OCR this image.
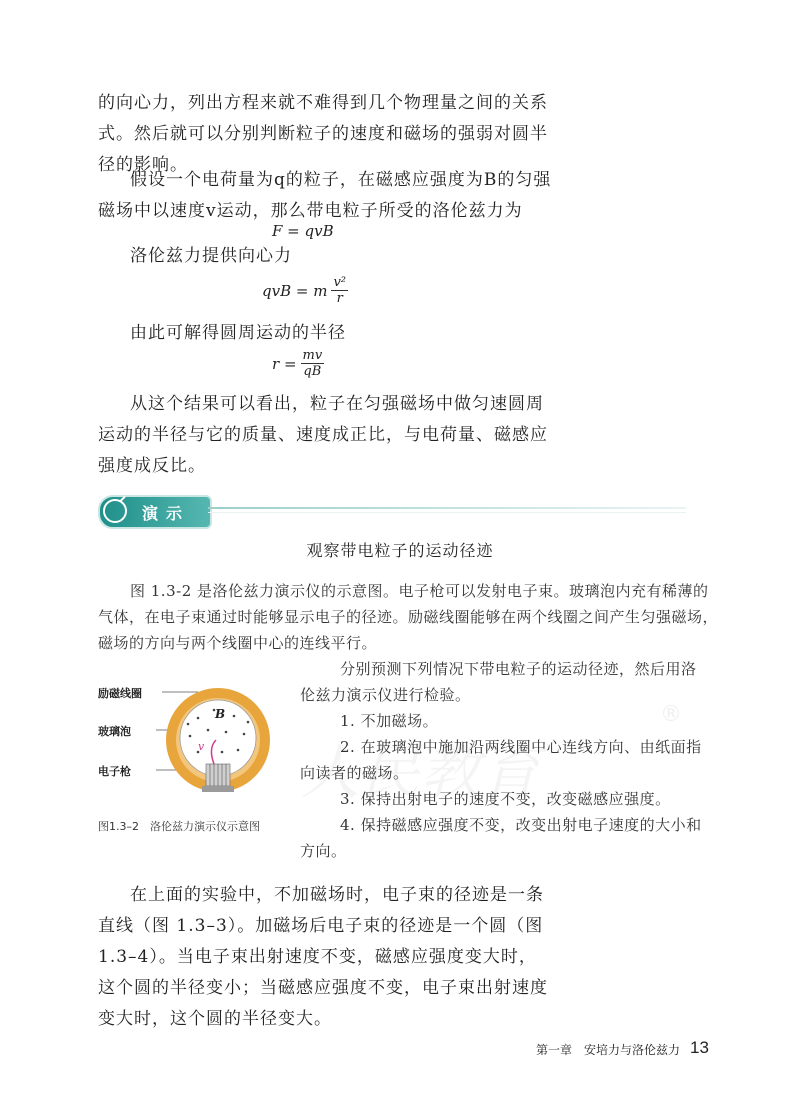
的向心力，列出方程来就不难得到几个物理量之间的关系

式。然后就可以分别判断粒子的速度和磁场的强弱对圆半

径的影响。

假设一个电荷量为q的粒子，在磁感应强度为B的匀强

磁场中以速度v运动，那么带电粒子所受的洛伦兹力为

F = qvB

洛伦兹力提供向心力

qvB = m $\frac{\text{v²}}{r}$

由此可解得圆周运动的半径

$r = \frac{mv}{qB}$

从这个结果可以看出，粒子在匀强磁场中做匀速圆周

运动的半径与它的质量、速度成正比，与电荷量、磁感应

强度成反比。

演示
观察带电粒子的运动径迹

图 1.3-2 是洛伦兹力演示仪的示意图。电子枪可以发射电子束。玻璃泡内充有稀薄的

气体，在电子束通过时能够显示电子的径迹。励磁线圈能够在两个线圈之间产生匀强磁场，

磁场的方向与两个线圈中心的连线平行。

励磁线圈
玻璃泡
电子枪
B
v
图1.3–2　洛伦兹力演示仪示意图

分别预测下列情况下带电粒子的运动径迹，然后用洛

伦兹力演示仪进行检验。

1. 不加磁场。

2. 在玻璃泡中施加沿两线圈中心连线方向、由纸面指

向读者的磁场。

3. 保持出射电子的速度不变，改变磁感应强度。

4. 保持磁感应强度不变，改变出射电子速度的大小和

方向。

®

在上面的实验中，不加磁场时，电子束的径迹是一条

直线（图 1.3–3）。加磁场后电子束的径迹是一个圆（图

1.3–4）。当电子束出射速度不变，磁感应强度变大时，

这个圆的半径变小；当磁感应强度不变，电子束出射速度

变大时，这个圆的半径变大。

第一章　安培力与洛伦兹力 13
